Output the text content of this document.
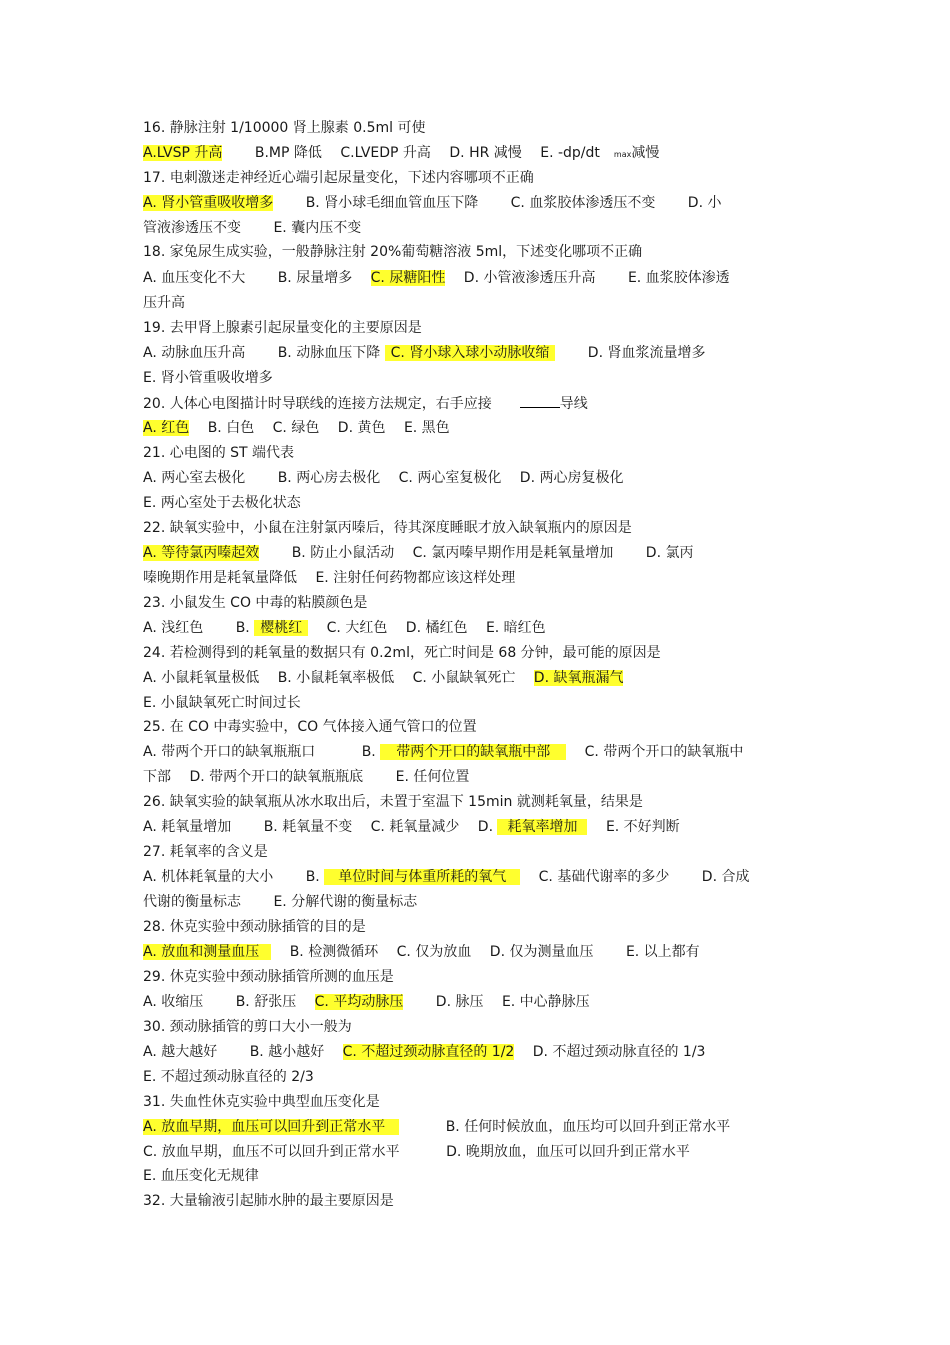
16. 静脉注射 1/10000 肾上腺素 0.5ml 可使
A.LVSP 升高 B.MP 降低 C.LVEDP 升高 D. HR 减慢 E. -dp/dt max减慢
17. 电刺激迷走神经近心端引起尿量变化，下述内容哪项不正确
A. 肾小管重吸收增多 B. 肾小球毛细血管血压下降 C. 血浆胶体渗透压不变 D. 小
管液渗透压不变 E. 囊内压不变
18. 家兔尿生成实验，一般静脉注射 20%葡萄糖溶液 5ml，下述变化哪项不正确
A. 血压变化不大 B. 尿量增多 C. 尿糖阳性 D. 小管液渗透压升高 E. 血浆胶体渗透
压升高
19. 去甲肾上腺素引起尿量变化的主要原因是
A. 动脉血压升高 B. 动脉血压下降 C. 肾小球入球小动脉收缩	D. 肾血浆流量增多
E. 肾小管重吸收增多
20. 人体心电图描计时导联线的连接方法规定，右手应接	导线
A. 红色 B. 白色 C. 绿色 D. 黄色 E. 黑色
21. 心电图的 ST 端代表
A. 两心室去极化 B. 两心房去极化 C. 两心室复极化 D. 两心房复极化
E. 两心室处于去极化状态
22. 缺氧实验中，小鼠在注射氯丙嗪后，待其深度睡眠才放入缺氧瓶内的原因是
A. 等待氯丙嗪起效 B. 防止小鼠活动 C. 氯丙嗪早期作用是耗氧量增加 D. 氯丙
嗪晚期作用是耗氧量降低 E. 注射任何药物都应该这样处理
23. 小鼠发生 CO 中毒的粘膜颜色是
A. 浅红色 B. 樱桃红 C. 大红色 D. 橘红色 E. 暗红色
24. 若检测得到的耗氧量的数据只有 0.2ml，死亡时间是 68 分钟，最可能的原因是
A. 小鼠耗氧量极低 B. 小鼠耗氧率极低 C. 小鼠缺氧死亡 D. 缺氧瓶漏气
E. 小鼠缺氧死亡时间过长
25. 在 CO 中毒实验中，CO 气体接入通气管口的位置
A. 带两个开口的缺氧瓶瓶口	B. 带两个开口的缺氧瓶中部 C. 带两个开口的缺氧瓶中
下部 D. 带两个开口的缺氧瓶瓶底 E. 任何位置
26. 缺氧实验的缺氧瓶从冰水取出后，未置于室温下 15min 就测耗氧量，结果是
A. 耗氧量增加 B. 耗氧量不变 C. 耗氧量减少 D. 耗氧率增加 E. 不好判断
27. 耗氧率的含义是
A. 机体耗氧量的大小 B. 单位时间与体重所耗的氧气 C. 基础代谢率的多少 D. 合成
代谢的衡量标志 E. 分解代谢的衡量标志
28. 休克实验中颈动脉插管的目的是
A. 放血和测量血压 B. 检测微循环 C. 仅为放血 D. 仅为测量血压 E. 以上都有
29. 休克实验中颈动脉插管所测的血压是
A. 收缩压 B. 舒张压 C. 平均动脉压 D. 脉压 E. 中心静脉压
30. 颈动脉插管的剪口大小一般为
A. 越大越好 B. 越小越好 C. 不超过颈动脉直径的 1/2 D. 不超过颈动脉直径的 1/3
E. 不超过颈动脉直径的 2/3
31. 失血性休克实验中典型血压变化是
A. 放血早期，血压可以回升到正常水平	B. 任何时候放血，血压均可以回升到正常水平
C. 放血早期，血压不可以回升到正常水平	D. 晚期放血，血压可以回升到正常水平
E. 血压变化无规律
32. 大量输液引起肺水肿的最主要原因是
